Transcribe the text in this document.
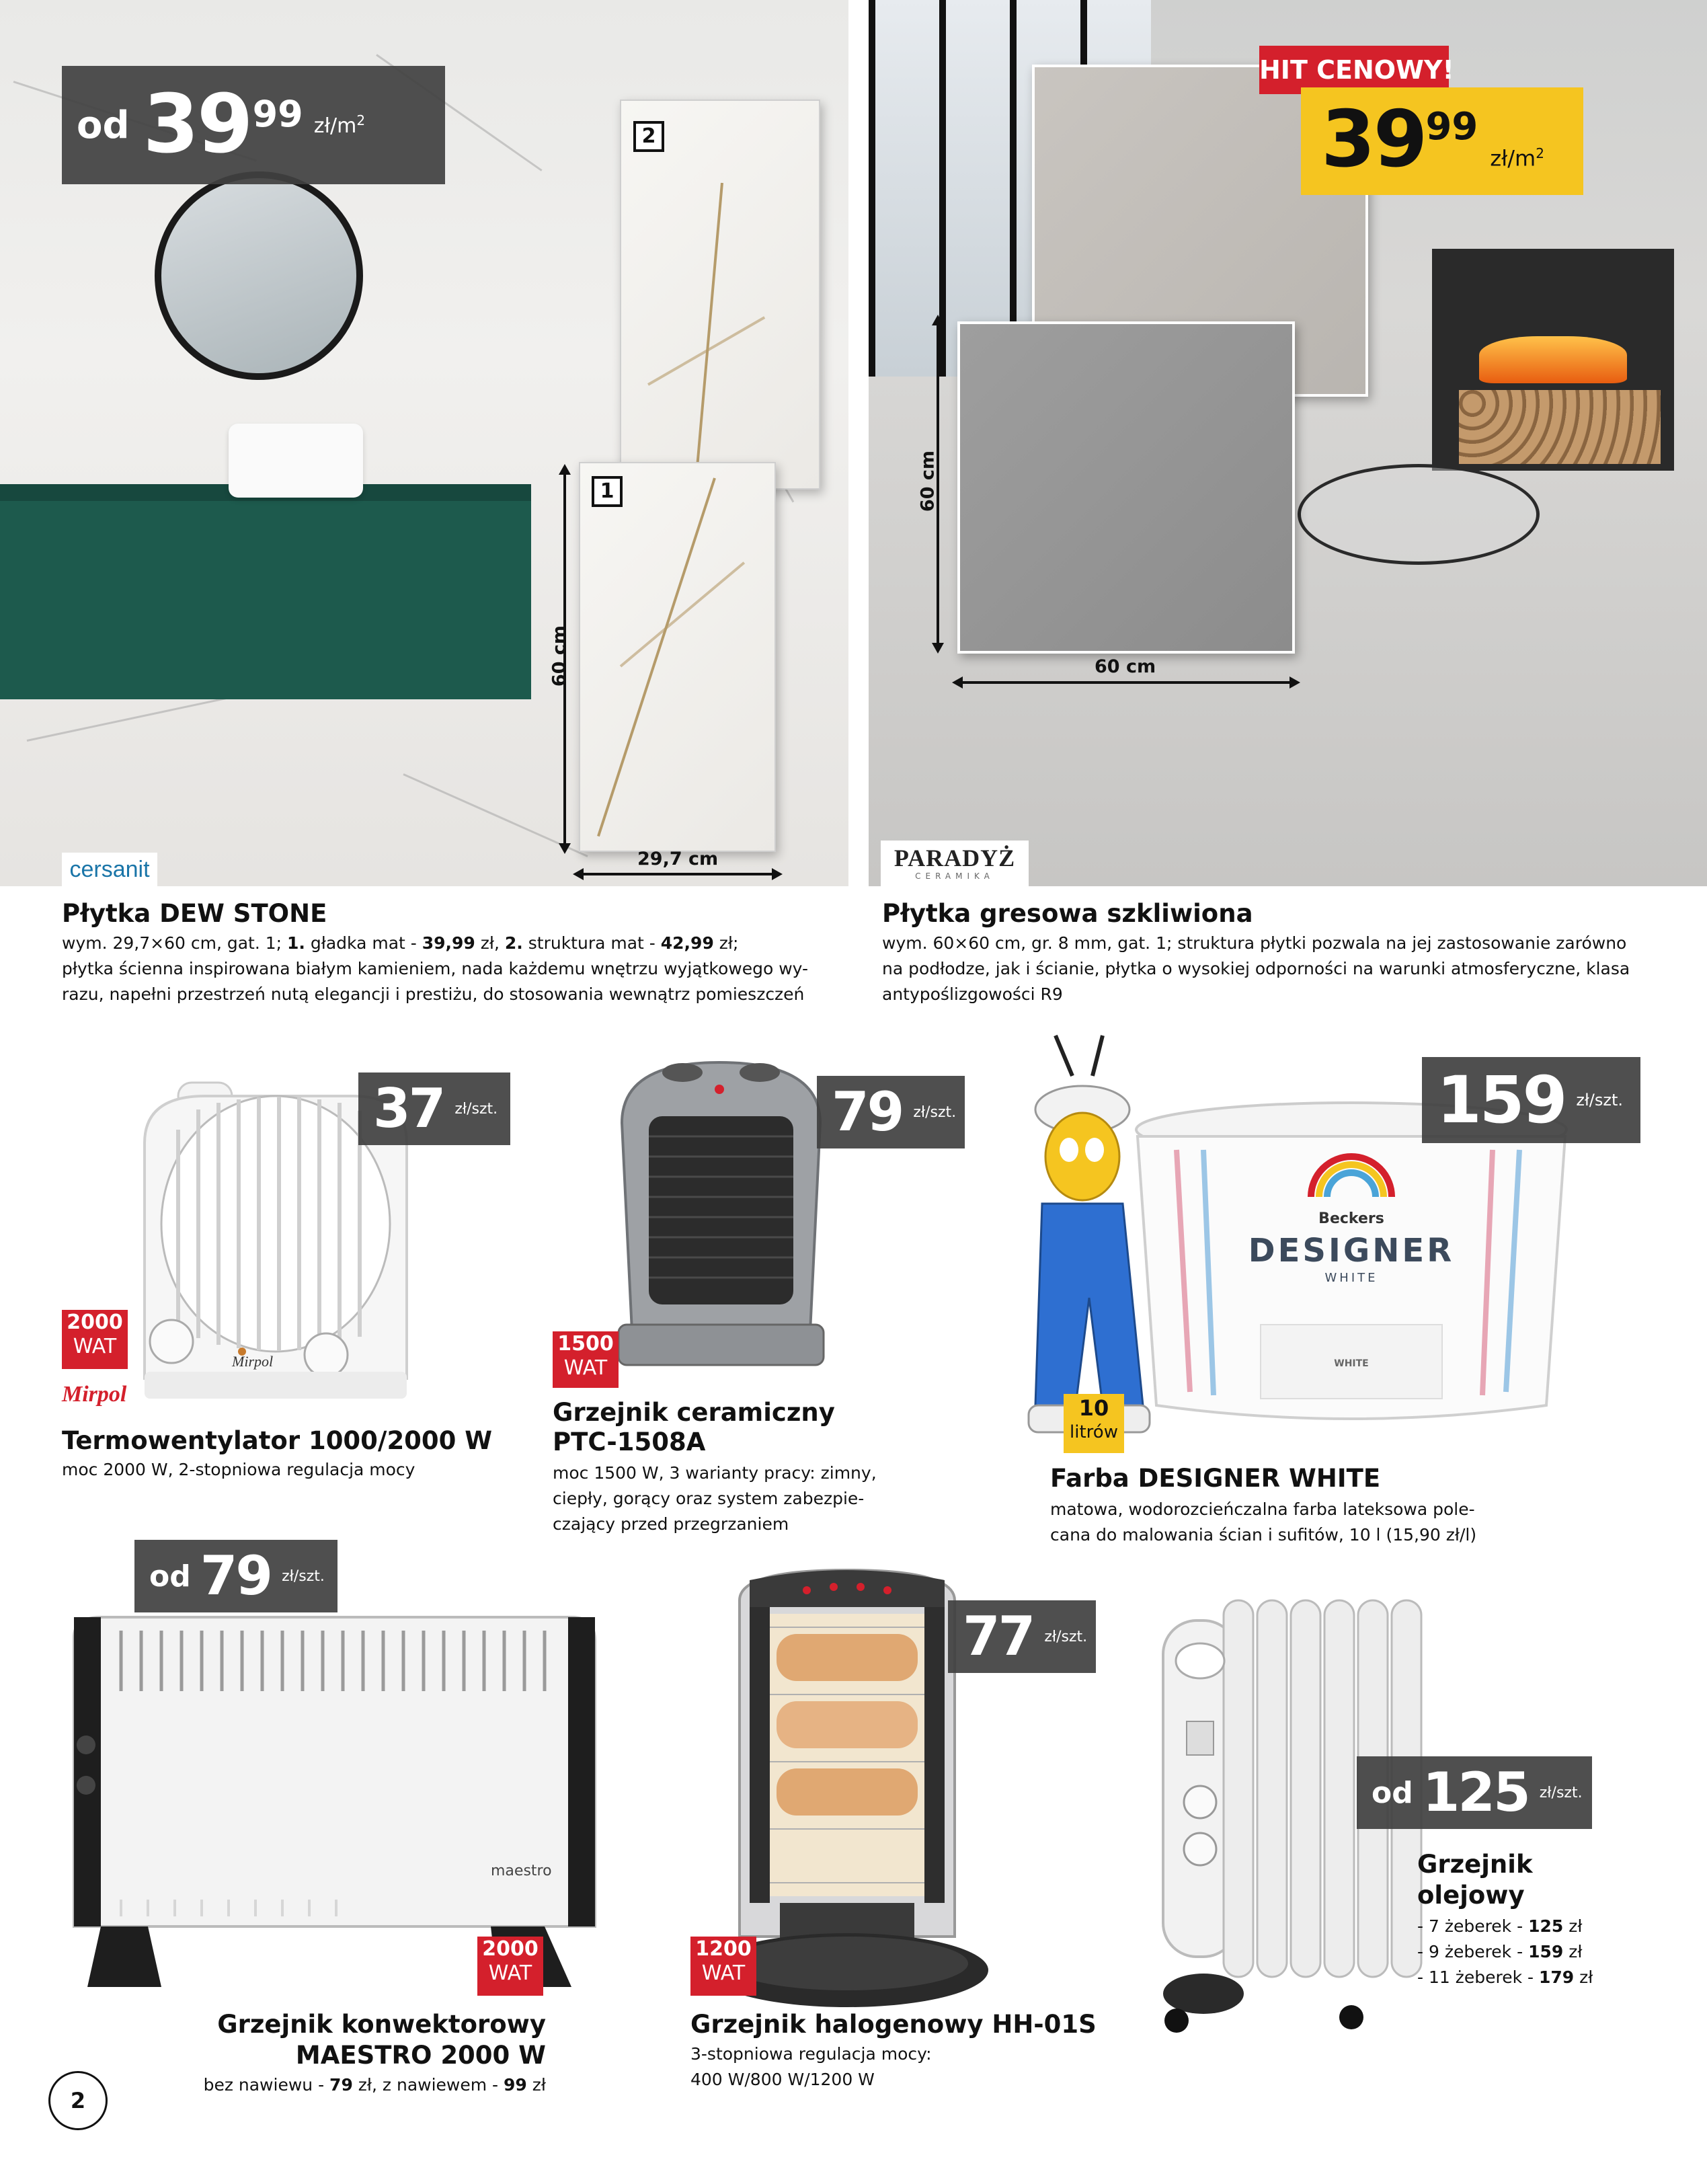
2
1
60 cm
29,7 cm
od 39 99 $zł/m^2$
cersanit
60 cm
60 cm
HIT CENOWY!
39 99
$zł/m^2$
PARADYŻ
CERAMIKA
Płytka DEW STONE
wym. 29,7×60 cm, gat. 1; 1. gładka mat - 39,99 zł, 2. struktura mat - 42,99 zł;
płytka ścienna inspirowana białym kamieniem, nada każdemu wnętrzu wyjątkowego wy-
razu, napełni przestrzeń nutą elegancji i prestiżu, do stosowania wewnątrz pomieszczeń
Płytka gresowa szkliwiona
wym. 60×60 cm, gr. 8 mm, gat. 1; struktura płytki pozwala na jej zastosowanie zarówno
na podłodze, jak i ścianie, płytka o wysokiej odporności na warunki atmosferyczne, klasa
antypoślizgowości R9
Mirpol
37 zł/szt.
2000
WAT
Mirpol
Termowentylator 1000/2000 W
moc 2000 W, 2-stopniowa regulacja mocy
79 zł/szt.
1500
WAT
Grzejnik ceramiczny
PTC-1508A
moc 1500 W, 3 warianty pracy: zimny,
ciepły, gorący oraz system zabezpie-
czający przed przegrzaniem
Beckers
DESIGNER
WHITE
WHITE
159 zł/szt.
10
litrów
Farba DESIGNER WHITE
matowa, wodorozcieńczalna farba lateksowa pole-
cana do malowania ścian i sufitów, 10 l (15,90 zł/l)
od 79 zł/szt.
maestro
2000
WAT
Grzejnik konwektorowy
MAESTRO 2000 W
bez nawiewu - 79 zł, z nawiewem - 99 zł
77 zł/szt.
1200
WAT
Grzejnik halogenowy HH-01S
3-stopniowa regulacja mocy:
400 W/800 W/1200 W
od 125 zł/szt.
Grzejnik
olejowy
- 7 żeberek - 125 zł
- 9 żeberek - 159 zł
- 11 żeberek - 179 zł
2
